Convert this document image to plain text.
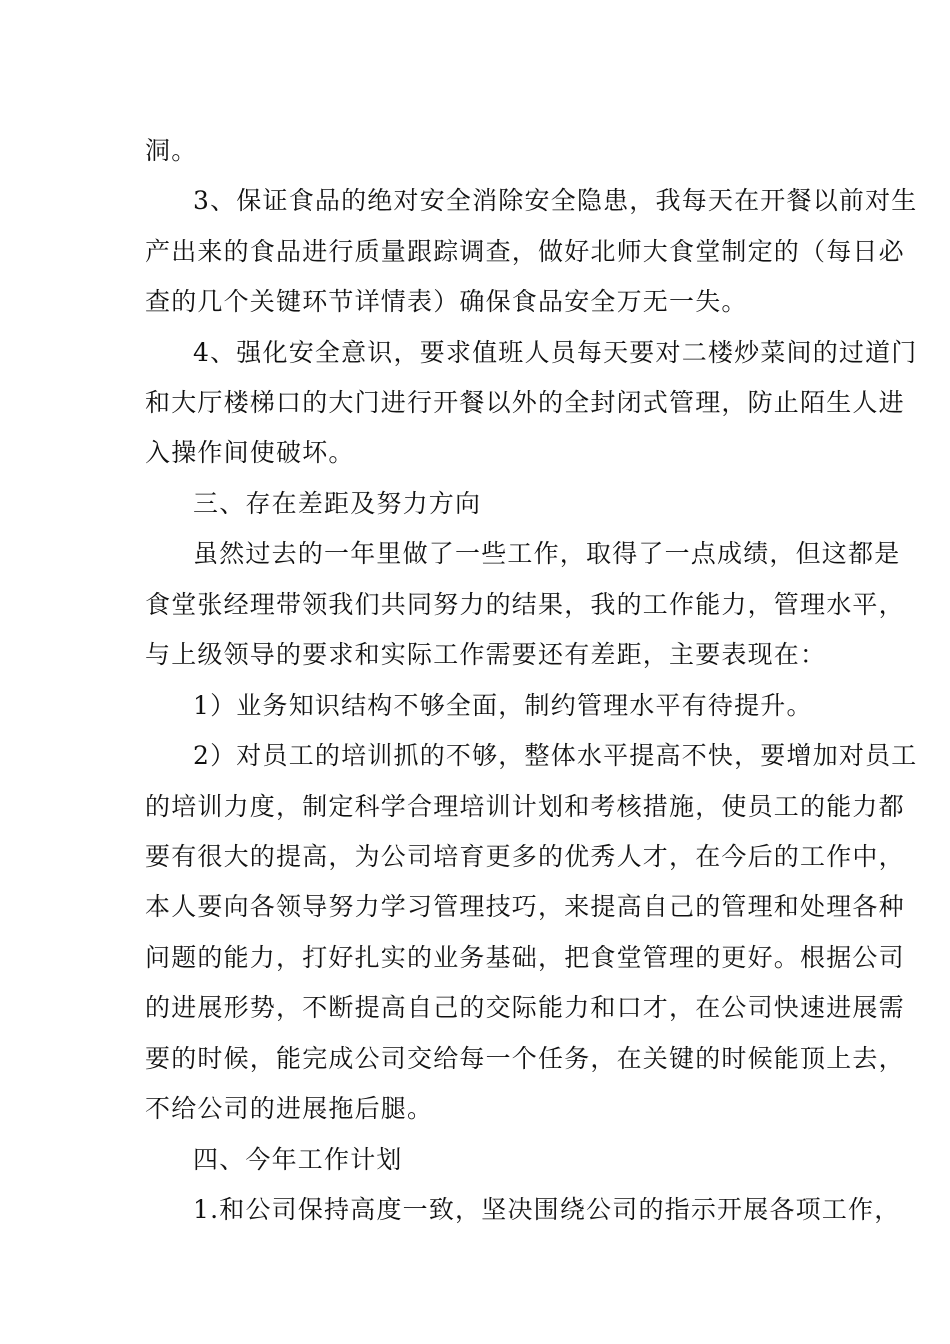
洞。
3、保证食品的绝对安全消除安全隐患，我每天在开餐以前对生
产出来的食品进行质量跟踪调查，做好北师大食堂制定的（每日必
查的几个关键环节详情表）确保食品安全万无一失。
4、强化安全意识，要求值班人员每天要对二楼炒菜间的过道门
和大厅楼梯口的大门进行开餐以外的全封闭式管理，防止陌生人进
入操作间使破坏。
三、存在差距及努力方向
虽然过去的一年里做了一些工作，取得了一点成绩，但这都是
食堂张经理带领我们共同努力的结果，我的工作能力，管理水平，
与上级领导的要求和实际工作需要还有差距，主要表现在：
1）业务知识结构不够全面，制约管理水平有待提升。
2）对员工的培训抓的不够，整体水平提高不快，要增加对员工
的培训力度，制定科学合理培训计划和考核措施，使员工的能力都
要有很大的提高，为公司培育更多的优秀人才，在今后的工作中，
本人要向各领导努力学习管理技巧，来提高自己的管理和处理各种
问题的能力，打好扎实的业务基础，把食堂管理的更好。根据公司
的进展形势，不断提高自己的交际能力和口才，在公司快速进展需
要的时候，能完成公司交给每一个任务，在关键的时候能顶上去，
不给公司的进展拖后腿。
四、今年工作计划
1.和公司保持高度一致，坚决围绕公司的指示开展各项工作，
